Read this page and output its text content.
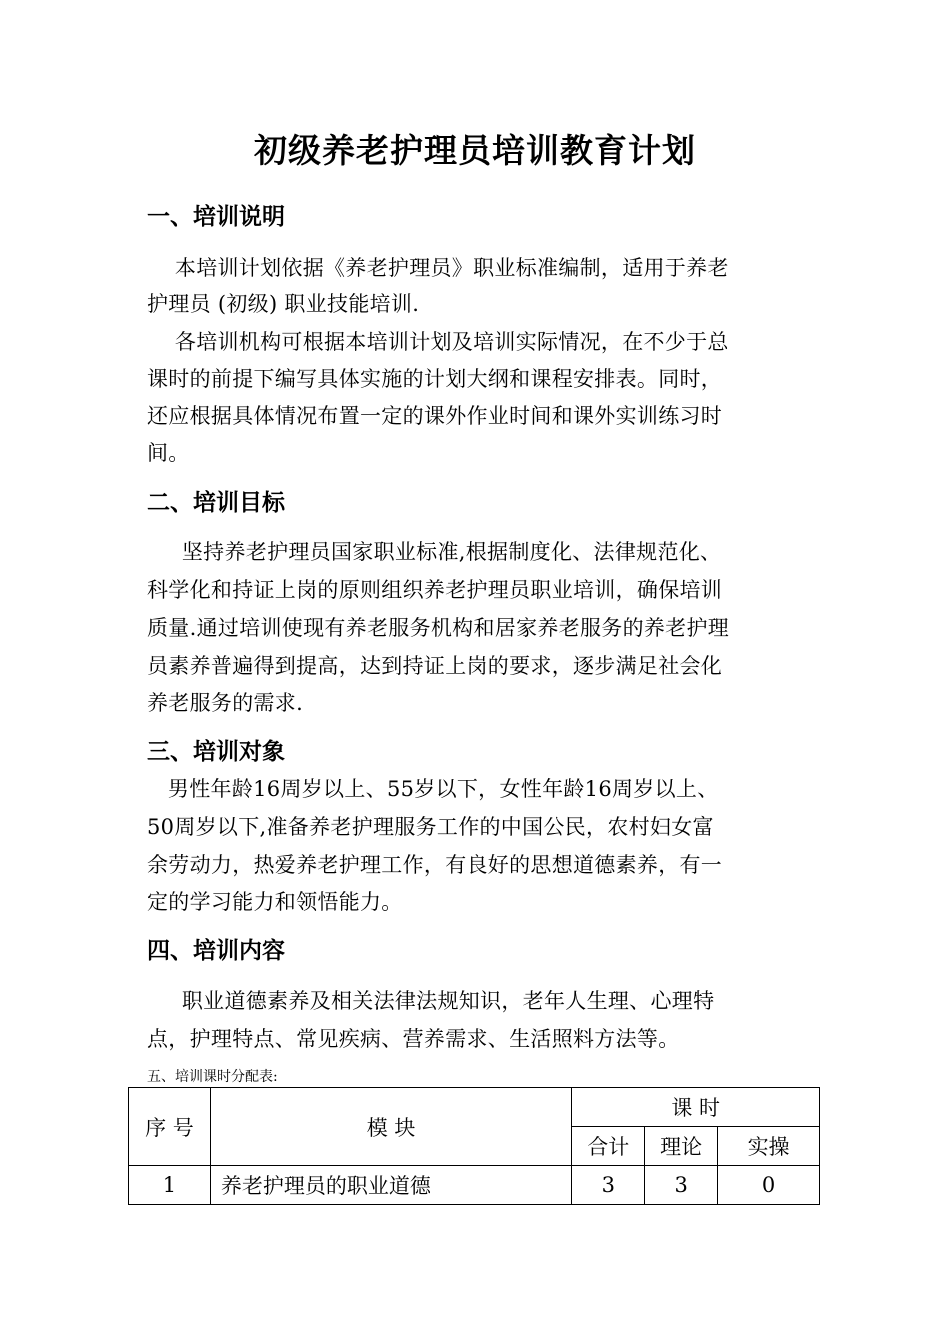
初级养老护理员培训教育计划
一、培训说明
本培训计划依据《养老护理员》职业标准编制，适用于养老
护理员 (初级) 职业技能培训.
各培训机构可根据本培训计划及培训实际情况，在不少于总
课时的前提下编写具体实施的计划大纲和课程安排表。同时，
还应根据具体情况布置一定的课外作业时间和课外实训练习时
间。
二、培训目标
坚持养老护理员国家职业标准,根据制度化、法律规范化、
科学化和持证上岗的原则组织养老护理员职业培训，确保培训
质量.通过培训使现有养老服务机构和居家养老服务的养老护理
员素养普遍得到提高，达到持证上岗的要求，逐步满足社会化
养老服务的需求.
三、培训对象
男性年龄16周岁以上、55岁以下，女性年龄16周岁以上、
50周岁以下,准备养老护理服务工作的中国公民，农村妇女富
余劳动力，热爱养老护理工作，有良好的思想道德素养，有一
定的学习能力和领悟能力。
四、培训内容
职业道德素养及相关法律法规知识，老年人生理、心理特
点，护理特点、常见疾病、营养需求、生活照料方法等。
五、培训课时分配表:
序 号	模 块	课 时		
		合计	理论	实操
1	养老护理员的职业道德	3	3	0
